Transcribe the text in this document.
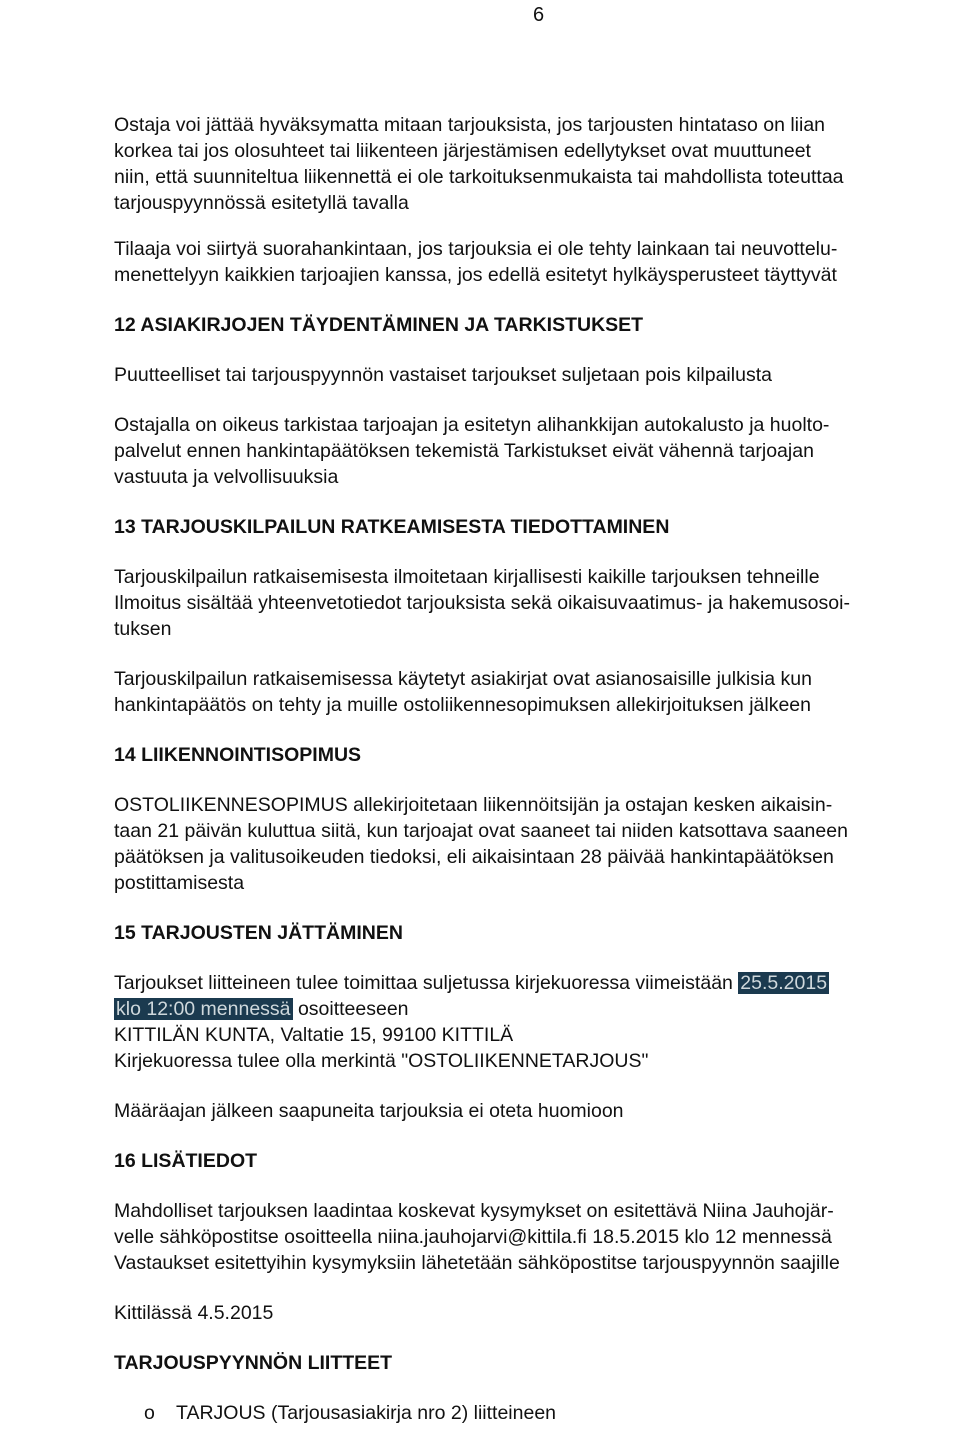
6

Ostaja voi jättää hyväksymatta mitaan tarjouksista, jos tarjousten hintataso on liian
korkea tai jos olosuhteet tai liikenteen järjestämisen edellytykset ovat muuttuneet
niin, että suunniteltua liikennettä ei ole tarkoituksenmukaista tai mahdollista toteuttaa
tarjouspyynnössä esitetyllä tavalla

Tilaaja voi siirtyä suorahankintaan, jos tarjouksia ei ole tehty lainkaan tai neuvottelu-
menettelyyn kaikkien tarjoajien kanssa, jos edellä esitetyt hylkäysperusteet täyttyvät

12 ASIAKIRJOJEN TÄYDENTÄMINEN JA TARKISTUKSET

Puutteelliset tai tarjouspyynnön vastaiset tarjoukset suljetaan pois kilpailusta

Ostajalla on oikeus tarkistaa tarjoajan ja esitetyn alihankkijan autokalusto ja huolto-
palvelut ennen hankintapäätöksen tekemistä Tarkistukset eivät vähennä tarjoajan
vastuuta ja velvollisuuksia

13 TARJOUSKILPAILUN RATKEAMISESTA TIEDOTTAMINEN

Tarjouskilpailun ratkaisemisesta ilmoitetaan kirjallisesti kaikille tarjouksen tehneille
Ilmoitus sisältää yhteenvetotiedot tarjouksista sekä oikaisuvaatimus- ja hakemusosoi-
tuksen

Tarjouskilpailun ratkaisemisessa käytetyt asiakirjat ovat asianosaisille julkisia kun
hankintapäätös on tehty ja muille ostoliikennesopimuksen allekirjoituksen jälkeen

14 LIIKENNOINTISOPIMUS

OSTOLIIKENNESOPIMUS allekirjoitetaan liikennöitsijän ja ostajan kesken aikaisin-
taan 21 päivän kuluttua siitä, kun tarjoajat ovat saaneet tai niiden katsottava saaneen
päätöksen ja valitusoikeuden tiedoksi, eli aikaisintaan 28 päivää hankintapäätöksen
postittamisesta

15 TARJOUSTEN JÄTTÄMINEN

Tarjoukset liitteineen tulee toimittaa suljetussa kirjekuoressa viimeistään 25.5.2015
klo 12:00 mennessä osoitteeseen
KITTILÄN KUNTA, Valtatie 15, 99100 KITTILÄ
Kirjekuoressa tulee olla merkintä "OSTOLIIKENNETARJOUS"

Määräajan jälkeen saapuneita tarjouksia ei oteta huomioon

16 LISÄTIEDOT

Mahdolliset tarjouksen laadintaa koskevat kysymykset on esitettävä Niina Jauhojär-
velle sähköpostitse osoitteella niina.jauhojarvi@kittila.fi 18.5.2015 klo 12 mennessä
Vastaukset esitettyihin kysymyksiin lähetetään sähköpostitse tarjouspyynnön saajille

Kittilässä 4.5.2015

TARJOUSPYYNNÖN LIITTEET
o TARJOUS (Tarjousasiakirja nro 2) liitteineen
